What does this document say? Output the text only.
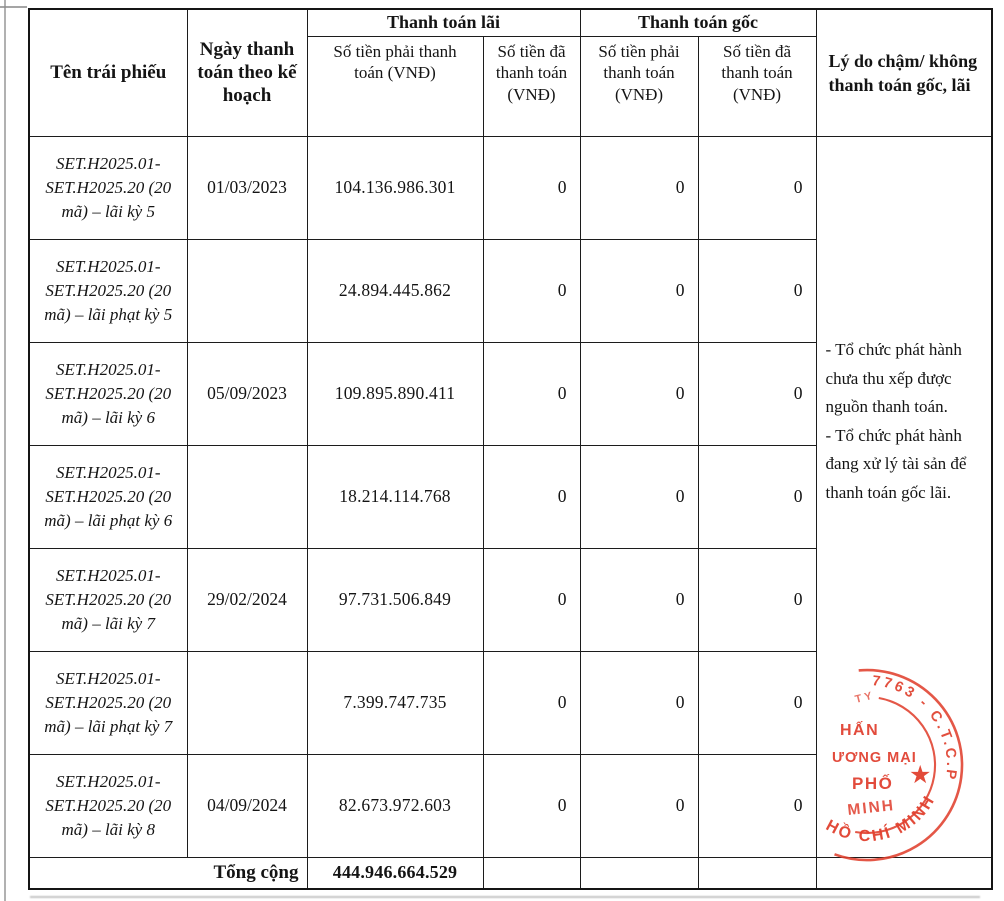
Tên trái phiếu	Ngày thanh toán theo kế hoạch	Thanh toán lãi		Thanh toán gốc		Lý do chậm/ không thanh toán gốc, lãi
		Số tiền phải thanh toán (VNĐ)	Số tiền đã thanh toán (VNĐ)	Số tiền phải thanh toán (VNĐ)	Số tiền đã thanh toán (VNĐ)	
SET.H2025.01-SET.H2025.20 (20 mã) – lãi kỳ 5	01/03/2023	104.136.986.301	0	0	0	- Tổ chức phát hành chưa thu xếp được nguồn thanh toán.
- Tổ chức phát hành đang xử lý tài sản để thanh toán gốc lãi.

SET.H2025.01-SET.H2025.20 (20 mã) – lãi phạt kỳ 5		24.894.445.862	0	0	0	
SET.H2025.01-SET.H2025.20 (20 mã) – lãi kỳ 6	05/09/2023	109.895.890.411	0	0	0	
SET.H2025.01-SET.H2025.20 (20 mã) – lãi phạt kỳ 6		18.214.114.768	0	0	0	
SET.H2025.01-SET.H2025.20 (20 mã) – lãi kỳ 7	29/02/2024	97.731.506.849	0	0	0	
SET.H2025.01-SET.H2025.20 (20 mã) – lãi phạt kỳ 7		7.399.747.735	0	0	0	
SET.H2025.01-SET.H2025.20 (20 mã) – lãi kỳ 8	04/09/2024	82.673.972.603	0	0	0	
Tổng cộng		444.946.664.529				
7763 - C.T.C.P
HỒ CHÍ MINH
★
TY
HẤN
ƯƠNG MẠI
PHỐ
MINH
